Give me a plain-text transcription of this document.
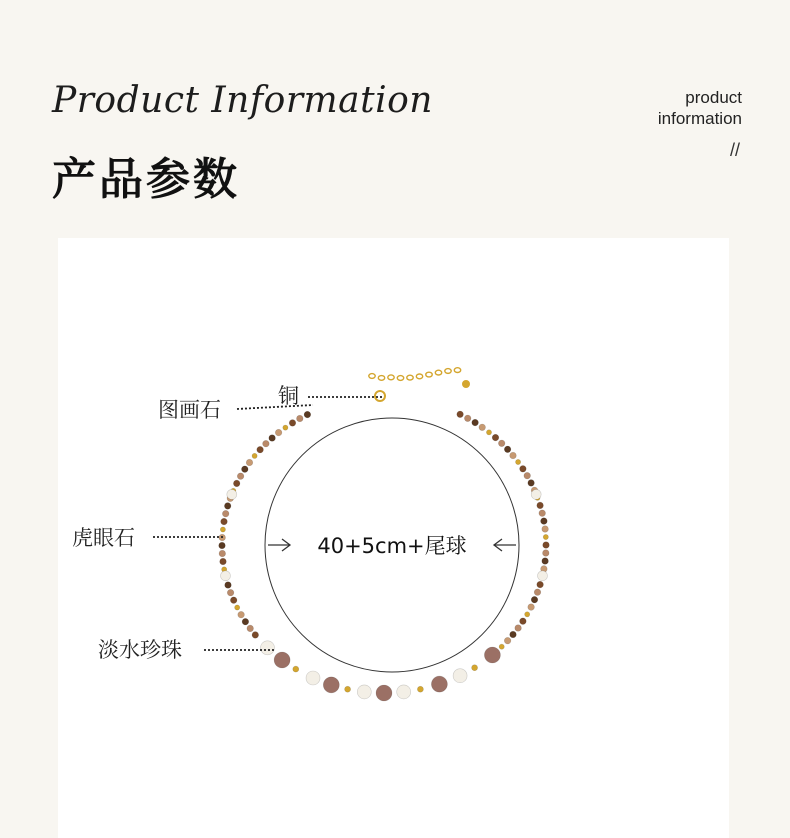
Product Information
产品参数
product
information
//
40+5cm+尾球
铜
图画石
虎眼石
淡水珍珠
